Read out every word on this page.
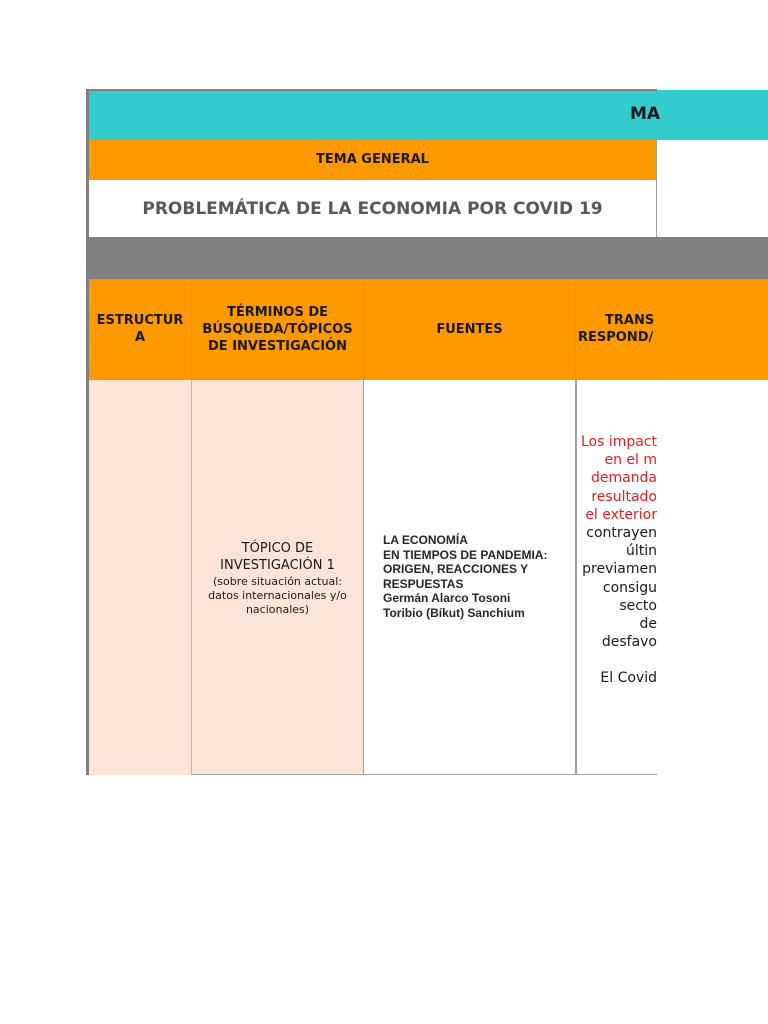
MA
TEMA GENERAL
PROBLEMÁTICA DE LA ECONOMIA POR COVID 19
ESTRUCTURA
TÉRMINOS DE BÚSQUEDA/TÓPICOS DE INVESTIGACIÓN
FUENTES
TRANS
RESPOND/
TÓPICO DE INVESTIGACIÓN 1
(sobre situación actual: datos internacionales y/o nacionales)
LA ECONOMÍA
EN TIEMPOS DE PANDEMIA:
ORIGEN, REACCIONES Y
RESPUESTAS
Germán Alarco Tosoni
Toribio (Bíkut) Sanchium
Los impact
en el m
demanda
resultado
el exterior
contrayen
últin
previamen
consigu
secto
de
desfavo
El Covid
